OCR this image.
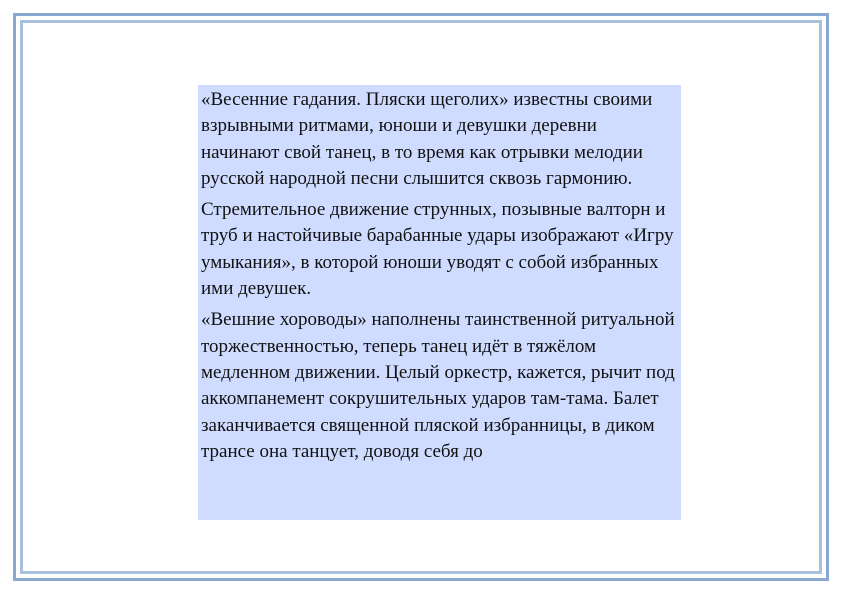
«Весенние гадания. Пляски щеголих» известны своими взрывными ритмами, юноши и девушки деревни начинают свой танец, в то время как отрывки мелодии русской народной песни слышится сквозь гармонию.

Стремительное движение струнных, позывные валторн и труб и настойчивые барабанные удары изображают «Игру умыкания», в которой юноши уводят с собой избранных ими девушек.

«Вешние хороводы» наполнены таинственной ритуальной торжественностью, теперь танец идёт в тяжёлом медленном движении. Целый оркестр, кажется, рычит под аккомпанемент сокрушительных ударов там-тама. Балет заканчивается священной пляской избранницы, в диком трансе она танцует, доводя себя до
